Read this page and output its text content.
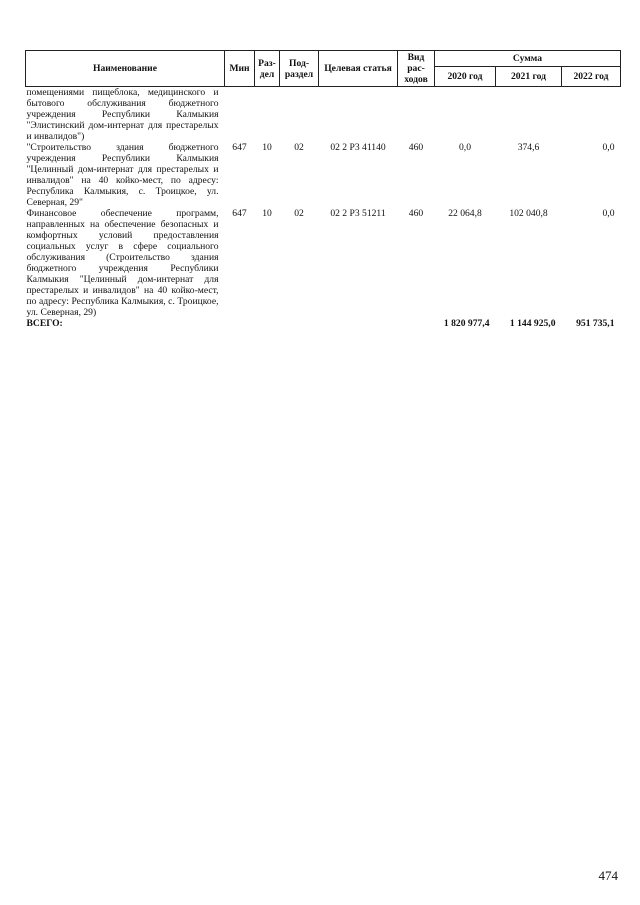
Наименование	Мин	Раз-дел	Под-раздел	Целевая статья	Вид рас-ходов	Сумма		
						2020 год	2021 год	2022 год
помещениями пищеблока, медицинского и бытового обслуживания бюджетного учреждения Республики Калмыкия "Элистинский дом-интернат для престарелых и инвалидов")								
"Строительство здания бюджетного учреждения Республики Калмыкия "Целинный дом-интернат для престарелых и инвалидов" на 40 койко-мест, по адресу: Республика Калмыкия, с. Троицкое, ул. Северная, 29"	647	10	02	02 2 P3 41140	460	0,0	374,6	0,0
Финансовое обеспечение программ, направленных на обеспечение безопасных и комфортных условий предоставления социальных услуг в сфере социального обслуживания (Строительство здания бюджетного учреждения Республики Калмыкия "Целинный дом-интернат для престарелых и инвалидов" на 40 койко-мест, по адресу: Республика Калмыкия, с. Троицкое, ул. Северная, 29)	647	10	02	02 2 P3 51211	460	22 064,8	102 040,8	0,0
ВСЕГО:						1 820 977,4	1 144 925,0	951 735,1
474
